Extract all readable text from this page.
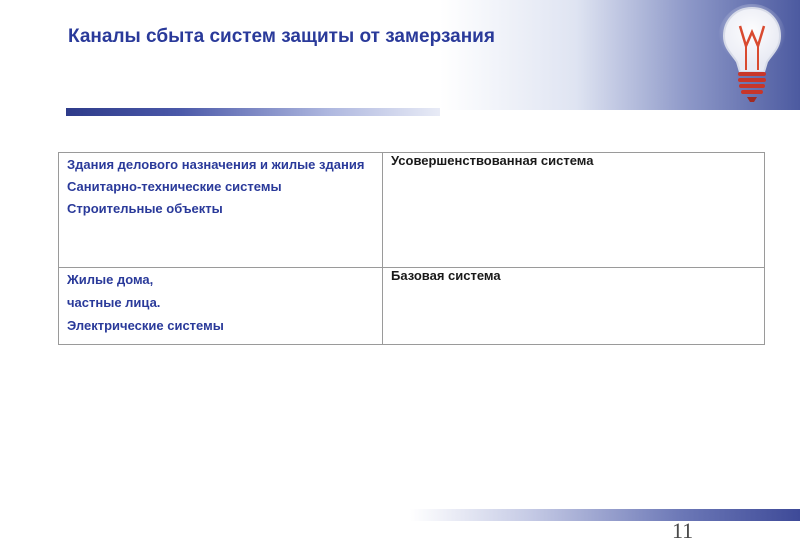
Каналы сбыта систем защиты от замерзания
Здания делового назначения и жилые здания
Санитарно-технические системы
Строительные объекты	Усовершенствованная система

Жилые дома,
частные лица.
Электрические системы	Базовая система
11
